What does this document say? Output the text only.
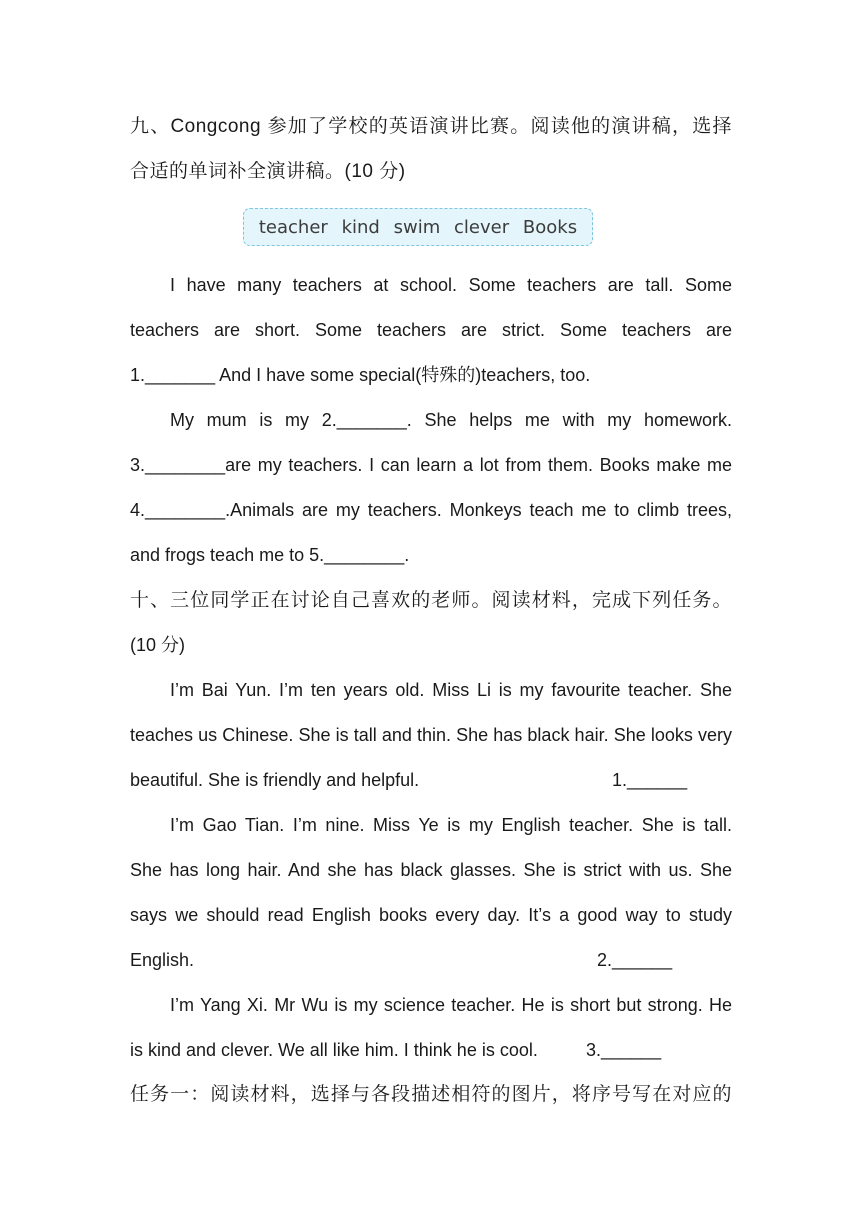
九、Congcong 参加了学校的英语演讲比赛。阅读他的演讲稿，选择
合适的单词补全演讲稿。(10 分)
teacher kind swim clever Books
I have many teachers at school. Some teachers are tall. Some
teachers are short. Some teachers are strict. Some teachers are
1._______ And I have some special(特殊的)teachers, too.
My mum is my 2._______. She helps me with my homework.
3.________are my teachers. I can learn a lot from them. Books make me
4.________.Animals are my teachers. Monkeys teach me to climb trees,
and frogs teach me to 5.________.
十、三位同学正在讨论自己喜欢的老师。阅读材料，完成下列任务。
(10 分)
I’m Bai Yun. I’m ten years old. Miss Li is my favourite teacher. She
teaches us Chinese. She is tall and thin. She has black hair. She looks very
beautiful. She is friendly and helpful.	1.______
I’m Gao Tian. I’m nine. Miss Ye is my English teacher. She is tall.
She has long hair. And she has black glasses. She is strict with us. She
says we should read English books every day. It’s a good way to study
English.	2.______
I’m Yang Xi. Mr Wu is my science teacher. He is short but strong. He
is kind and clever. We all like him. I think he is cool.	3.______
任务一：阅读材料，选择与各段描述相符的图片，将序号写在对应的
